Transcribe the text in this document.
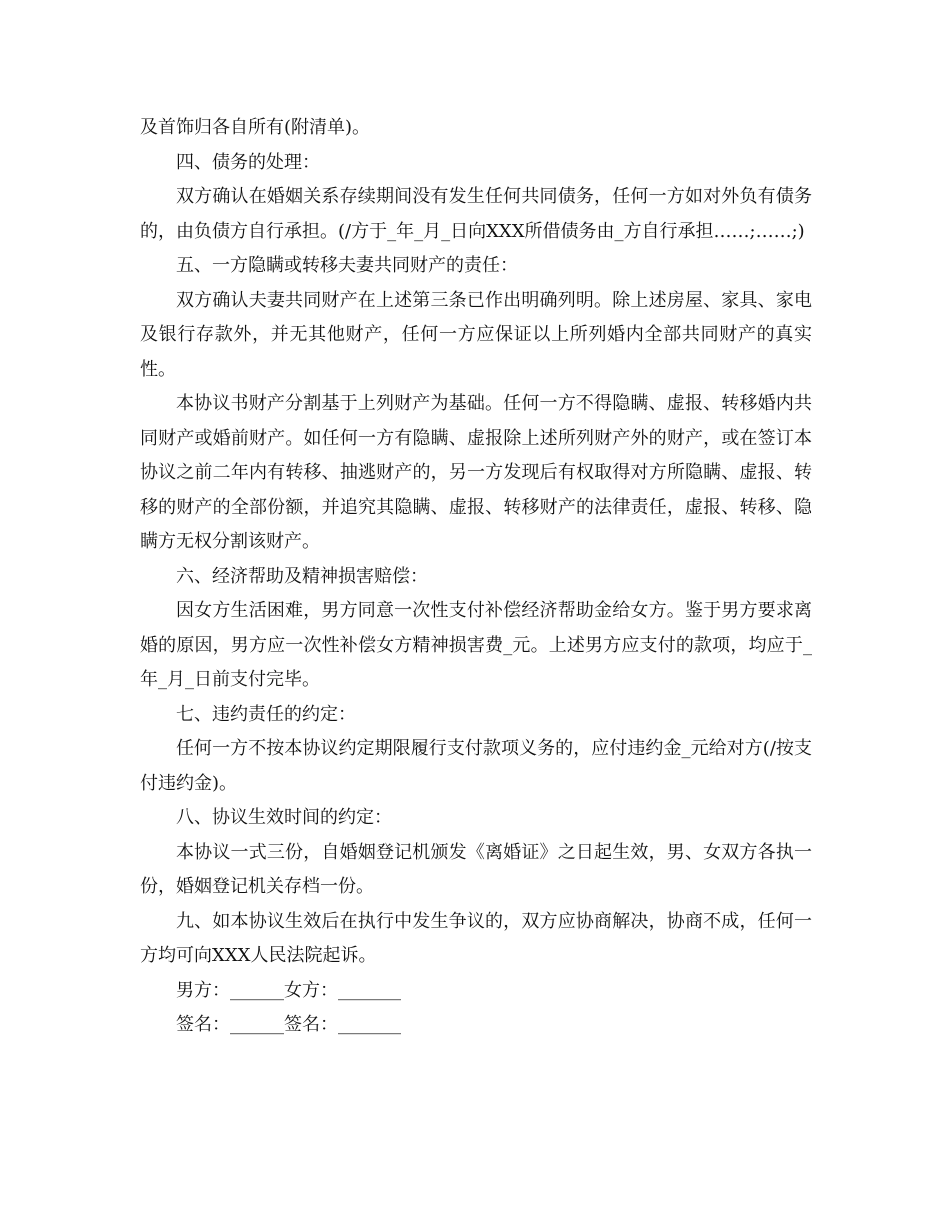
及首饰归各自所有(附清单)。

四、债务的处理：

双方确认在婚姻关系存续期间没有发生任何共同债务，任何一方如对外负有债务的，由负债方自行承担。(/方于_年_月_日向XXX所借债务由_方自行承担……;……;)

五、一方隐瞒或转移夫妻共同财产的责任：

双方确认夫妻共同财产在上述第三条已作出明确列明。除上述房屋、家具、家电及银行存款外，并无其他财产，任何一方应保证以上所列婚内全部共同财产的真实性。

本协议书财产分割基于上列财产为基础。任何一方不得隐瞒、虚报、转移婚内共同财产或婚前财产。如任何一方有隐瞒、虚报除上述所列财产外的财产，或在签订本协议之前二年内有转移、抽逃财产的，另一方发现后有权取得对方所隐瞒、虚报、转移的财产的全部份额，并追究其隐瞒、虚报、转移财产的法律责任，虚报、转移、隐瞒方无权分割该财产。

六、经济帮助及精神损害赔偿：

因女方生活困难，男方同意一次性支付补偿经济帮助金给女方。鉴于男方要求离婚的原因，男方应一次性补偿女方精神损害费_元。上述男方应支付的款项，均应于_年_月_日前支付完毕。

七、违约责任的约定：

任何一方不按本协议约定期限履行支付款项义务的，应付违约金_元给对方(/按支付违约金)。

八、协议生效时间的约定：

本协议一式三份，自婚姻登记机颁发《离婚证》之日起生效，男、女双方各执一份，婚姻登记机关存档一份。

九、如本协议生效后在执行中发生争议的，双方应协商解决，协商不成，任何一方均可向XXX人民法院起诉。

男方：______女方：_______

签名：______签名：_______
